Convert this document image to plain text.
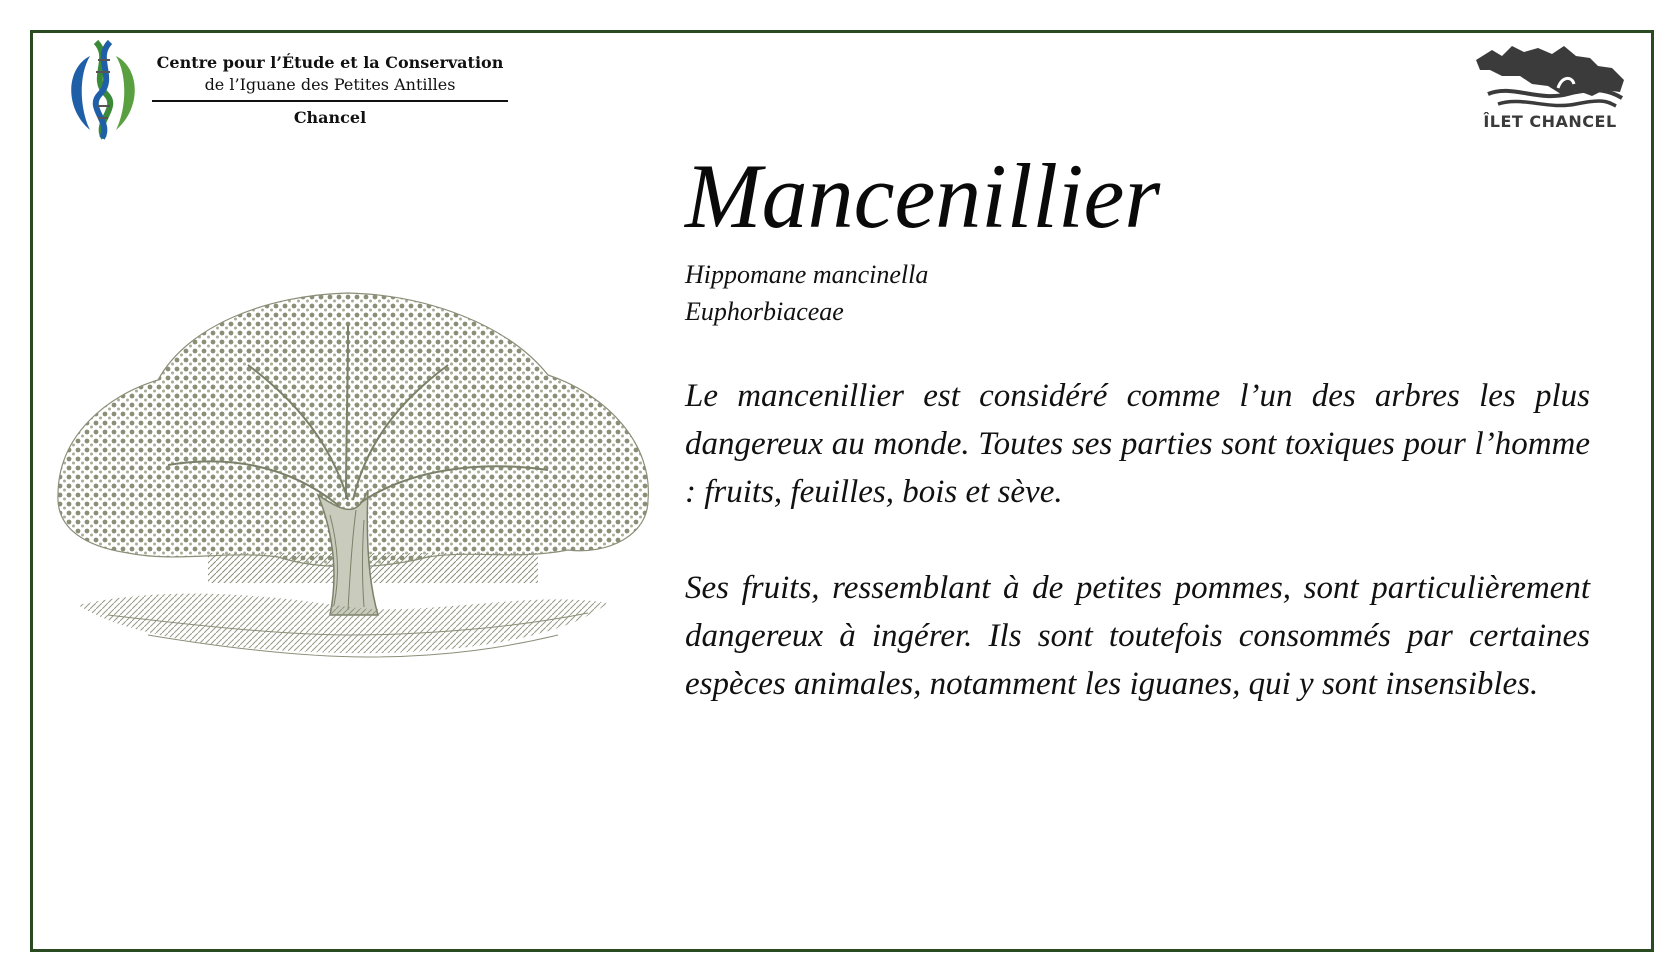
Centre pour l’Étude et la Conservation
de l’Iguane des Petites Antilles
Chancel	ÎLET CHANCEL
Mancenillier
Hippomane mancinella
Euphorbiaceae

Le mancenillier est considéré comme l’un des arbres les plus dangereux au monde. Toutes ses parties sont toxiques pour l’homme : fruits, feuilles, bois et sève.

Ses fruits, ressemblant à de petites pommes, sont particulièrement dangereux à ingérer. Ils sont toutefois consommés par certaines espèces animales, notamment les iguanes, qui y sont insensibles.
